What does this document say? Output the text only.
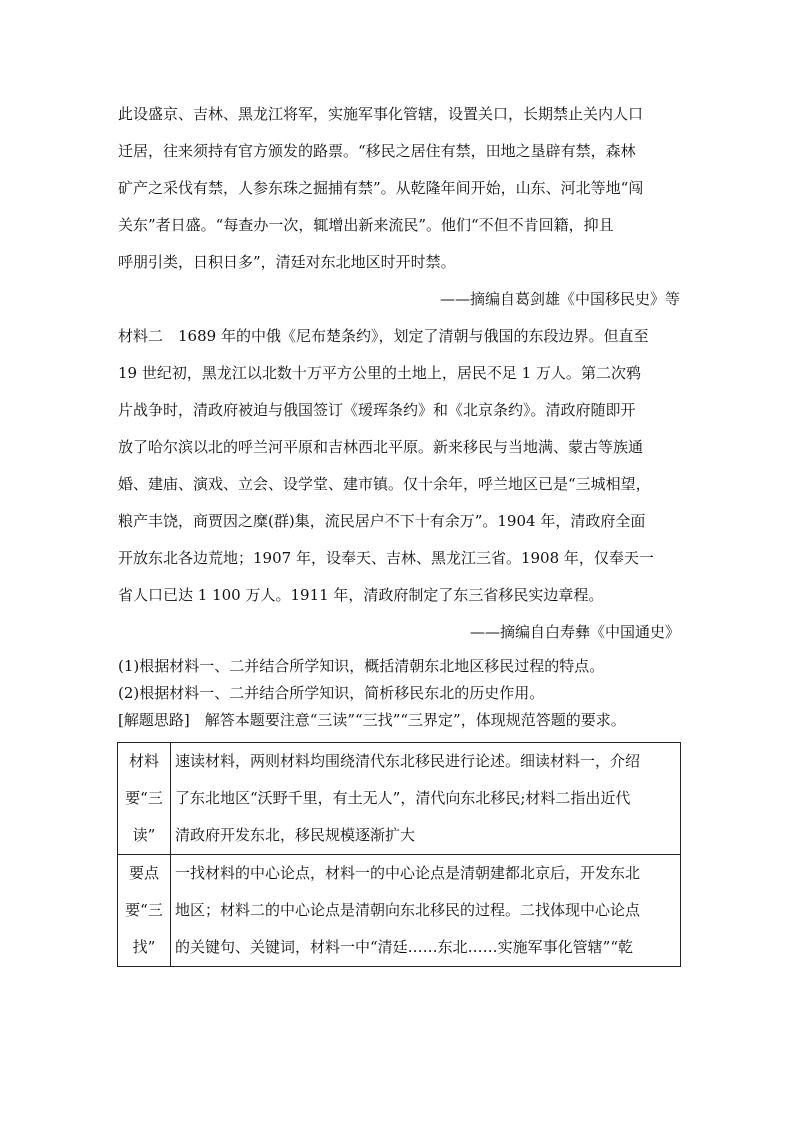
此设盛京、吉林、黑龙江将军，实施军事化管辖，设置关口，长期禁止关内人口
迁居，往来须持有官方颁发的路票。“移民之居住有禁，田地之垦辟有禁，森林
矿产之采伐有禁，人参东珠之掘捕有禁”。从乾隆年间开始，山东、河北等地“闯
关东”者日盛。“每查办一次，辄增出新来流民”。他们“不但不肯回籍，抑且
呼朋引类，日积日多”，清廷对东北地区时开时禁。

——摘编自葛剑雄《中国移民史》等

材料二　1689 年的中俄《尼布楚条约》，划定了清朝与俄国的东段边界。但直至
19 世纪初，黑龙江以北数十万平方公里的土地上，居民不足 1 万人。第二次鸦
片战争时，清政府被迫与俄国签订《瑷珲条约》和《北京条约》。清政府随即开
放了哈尔滨以北的呼兰河平原和吉林西北平原。新来移民与当地满、蒙古等族通
婚、建庙、演戏、立会、设学堂、建市镇。仅十余年，呼兰地区已是“三城相望，
粮产丰饶，商贾因之糜(群)集，流民居户不下十有余万”。1904 年，清政府全面
开放东北各边荒地；1907 年，设奉天、吉林、黑龙江三省。1908 年，仅奉天一
省人口已达 1 100 万人。1911 年，清政府制定了东三省移民实边章程。

——摘编自白寿彝《中国通史》

(1)根据材料一、二并结合所学知识，概括清朝东北地区移民过程的特点。

(2)根据材料一、二并结合所学知识，简析移民东北的历史作用。

[解题思路]　解答本题要注意“三读”“三找”“三界定”，体现规范答题的要求。

材料
要“三
读”	速读材料，两则材料均围绕清代东北移民进行论述。细读材料一，介绍
了东北地区“沃野千里，有土无人”，清代向东北移民;材料二指出近代
清政府开发东北，移民规模逐渐扩大

要点
要“三
找”	一找材料的中心论点，材料一的中心论点是清朝建都北京后，开发东北
地区；材料二的中心论点是清朝向东北移民的过程。二找体现中心论点
的关键句、关键词，材料一中“清廷……东北……实施军事化管辖”“乾
